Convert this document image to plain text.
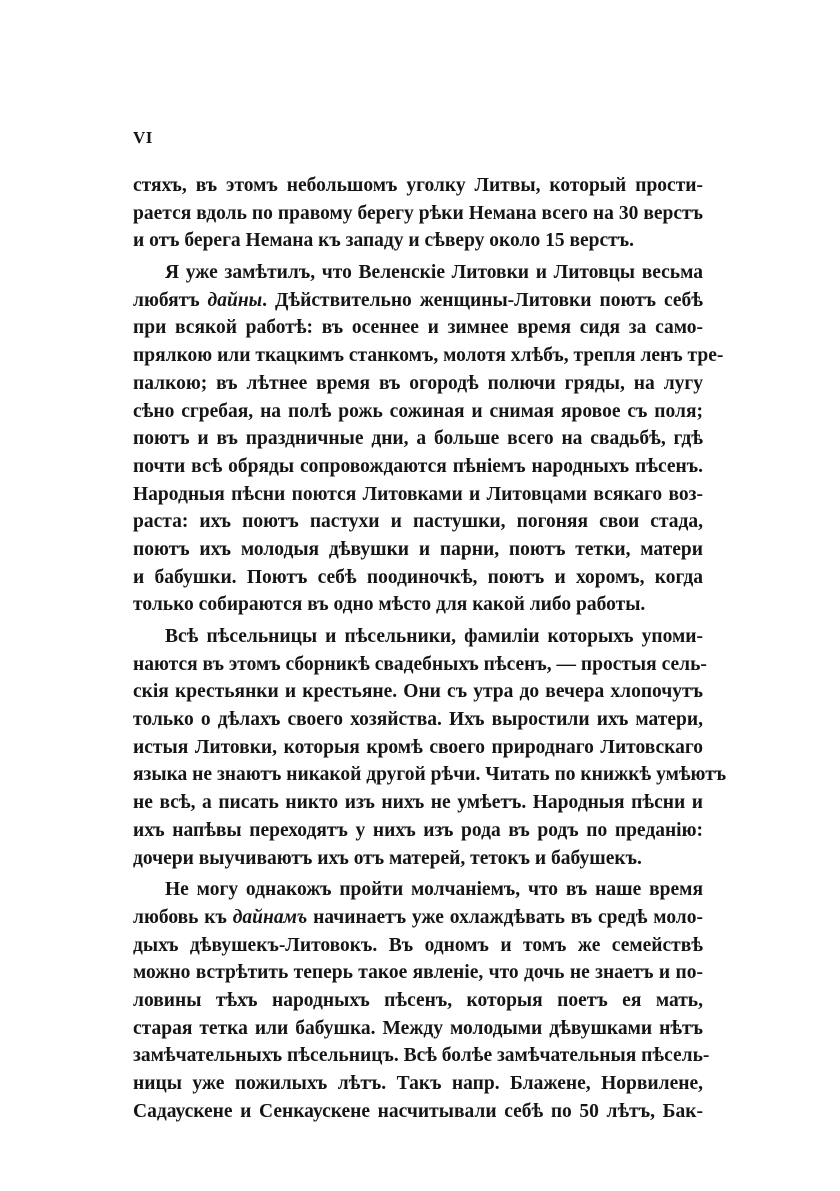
VI
стяхъ, въ этомъ небольшомъ уголку Литвы, который прости-
рается вдоль по правому берегу рѣки Немана всего на 30 верстъ
и отъ берега Немана къ западу и сѣверу около 15 верстъ.
Я уже замѣтилъ, что Веленскіе Литовки и Литовцы весьма
любятъ дайны. Дѣйствительно женщины-Литовки поютъ себѣ
при всякой работѣ: въ осеннее и зимнее время сидя за само-
прялкою или ткацкимъ станкомъ, молотя хлѣбъ, трепля ленъ тре-
палкою; въ лѣтнее время въ огородѣ полючи гряды, на лугу
сѣно сгребая, на полѣ рожь сожиная и снимая яровое съ поля;
поютъ и въ праздничные дни, а больше всего на свадьбѣ, гдѣ
почти всѣ обряды сопровождаются пѣніемъ народныхъ пѣсенъ.
Народныя пѣсни поются Литовками и Литовцами всякаго воз-
раста: ихъ поютъ пастухи и пастушки, погоняя свои стада,
поютъ ихъ молодыя дѣвушки и парни, поютъ тетки, матери
и бабушки. Поютъ себѣ поодиночкѣ, поютъ и хоромъ, когда
только собираются въ одно мѣсто для какой либо работы.
Всѣ пѣсельницы и пѣсельники, фамиліи которыхъ упоми-
наются въ этомъ сборникѣ свадебныхъ пѣсенъ, — простыя сель-
скія крестьянки и крестьяне. Они съ утра до вечера хлопочутъ
только о дѣлахъ своего хозяйства. Ихъ выростили ихъ матери,
истыя Литовки, которыя кромѣ своего природнаго Литовскаго
языка не знаютъ никакой другой рѣчи. Читать по книжкѣ умѣютъ
не всѣ, а писать никто изъ нихъ не умѣетъ. Народныя пѣсни и
ихъ напѣвы переходятъ у нихъ изъ рода въ родъ по преданію:
дочери выучиваютъ ихъ отъ матерей, тетокъ и бабушекъ.
Не могу однакожъ пройти молчаніемъ, что въ наше время
любовь къ дайнамъ начинаетъ уже охлаждѣвать въ средѣ моло-
дыхъ дѣвушекъ-Литовокъ. Въ одномъ и томъ же семействѣ
можно встрѣтить теперь такое явленіе, что дочь не знаетъ и по-
ловины тѣхъ народныхъ пѣсенъ, которыя поетъ ея мать,
старая тетка или бабушка. Между молодыми дѣвушками нѣтъ
замѣчательныхъ пѣсельницъ. Всѣ болѣе замѣчательныя пѣсель-
ницы уже пожилыхъ лѣтъ. Такъ напр. Блажене, Норвилене,
Садаускене и Сенкаускене насчитывали себѣ по 50 лѣтъ, Бак-
